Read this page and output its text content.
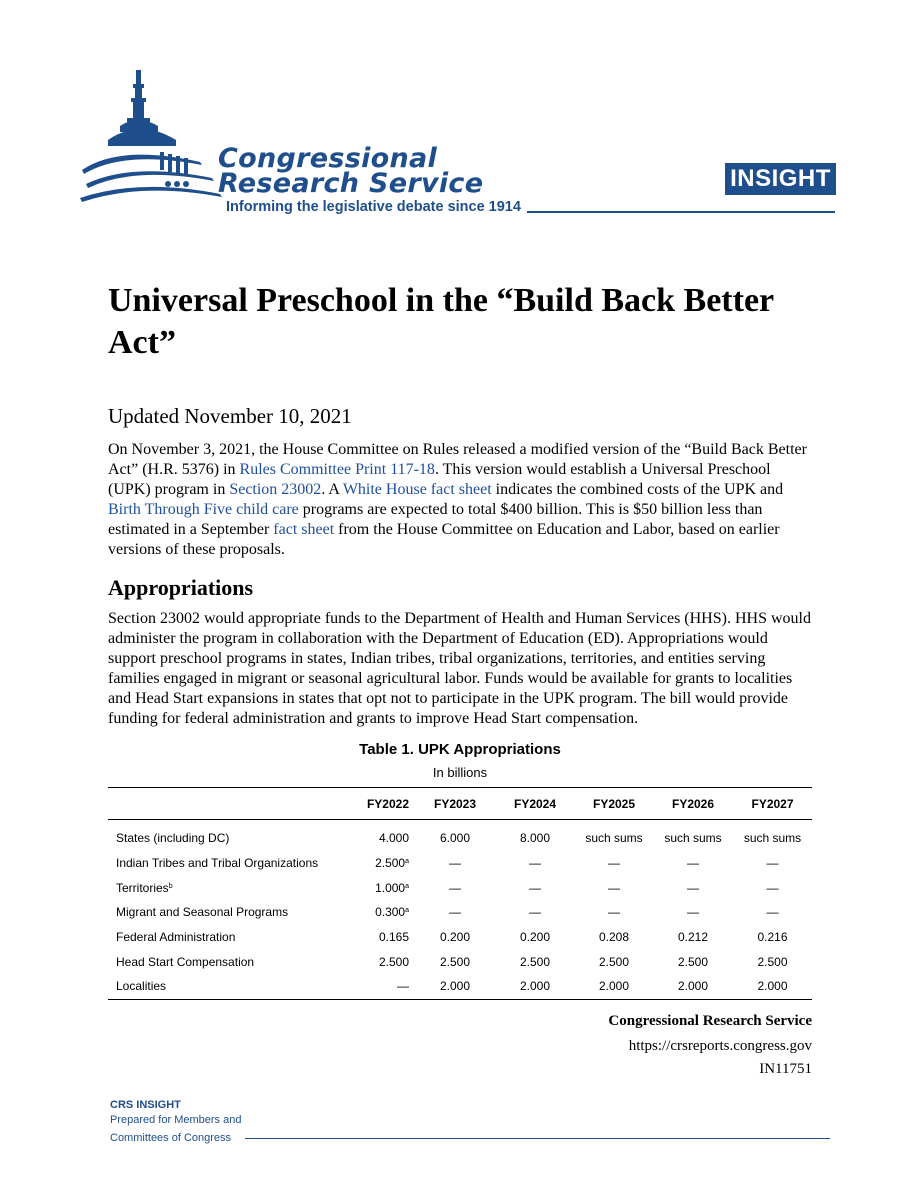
Congressional
Research Service
Informing the legislative debate since 1914
INSIGHT
Universal Preschool in the “Build Back Better Act”

Updated November 10, 2021

On November 3, 2021, the House Committee on Rules released a modified version of the “Build Back Better Act” (H.R. 5376) in Rules Committee Print 117-18. This version would establish a Universal Preschool (UPK) program in Section 23002. A White House fact sheet indicates the combined costs of the UPK and Birth Through Five child care programs are expected to total $400 billion. This is $50 billion less than estimated in a September fact sheet from the House Committee on Education and Labor, based on earlier versions of these proposals.

Appropriations

Section 23002 would appropriate funds to the Department of Health and Human Services (HHS). HHS would administer the program in collaboration with the Department of Education (ED). Appropriations would support preschool programs in states, Indian tribes, tribal organizations, territories, and entities serving families engaged in migrant or seasonal agricultural labor. Funds would be available for grants to localities and Head Start expansions in states that opt not to participate in the UPK program. The bill would provide funding for federal administration and grants to improve Head Start compensation.

Table 1. UPK Appropriations
In billions
	FY2022	FY2023	FY2024	FY2025	FY2026	FY2027
States (including DC)	4.000	6.000	8.000	such sums	such sums	such sums
Indian Tribes and Tribal Organizations	2.500$^a$	—	—	—	—	—
Territories$^b$	1.000$^a$	—	—	—	—	—
Migrant and Seasonal Programs	0.300$^a$	—	—	—	—	—
Federal Administration	0.165	0.200	0.200	0.208	0.212	0.216
Head Start Compensation	2.500	2.500	2.500	2.500	2.500	2.500
Localities	—	2.000	2.000	2.000	2.000	2.000
Congressional Research Service
https://crsreports.congress.gov
IN11751
CRS INSIGHT
Prepared for Members and
Committees of Congress
